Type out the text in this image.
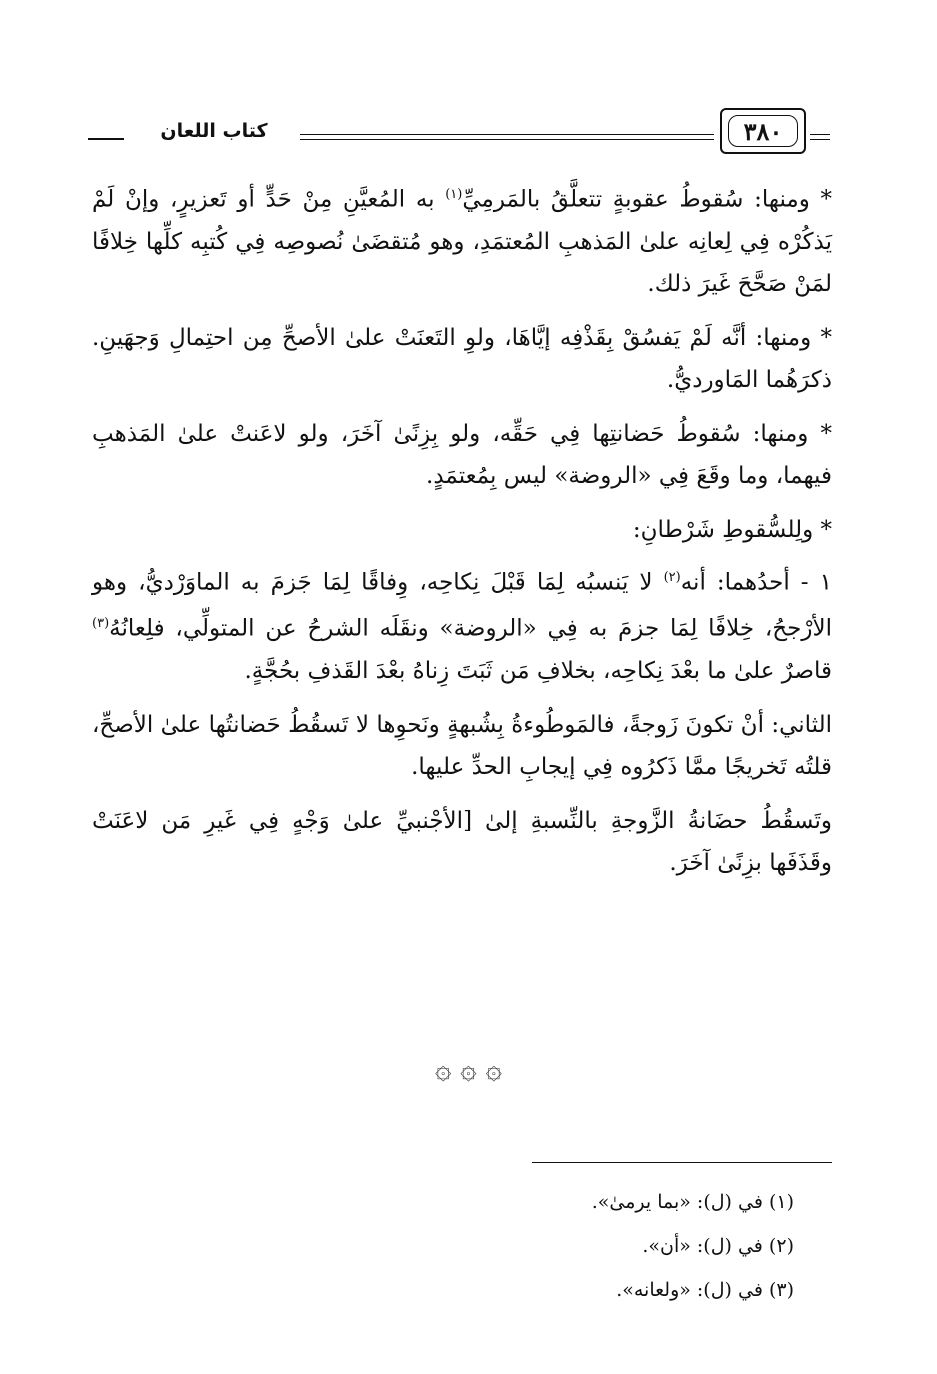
كتاب اللعان	٣٨٠

* ومنها: سُقوطُ عقوبةٍ تتعلَّقُ بالمَرمِيِّ$^{(١)}$ به المُعيَّنِ مِنْ حَدٍّ أو تَعزيرٍ، وإنْ لَمْ يَذكُرْه فِي لِعانِه علىٰ المَذهبِ المُعتمَدِ، وهو مُتقضَىٰ نُصوصِه فِي كُتبِه كلِّها خِلافًا لمَنْ صَحَّحَ غَيرَ ذلك.

* ومنها: أنَّه لَمْ يَفسُقْ بِقَذْفِه إيَّاهَا، ولوِ التَعنَتْ علىٰ الأصحِّ مِن احتِمالِ وَجهَينِ. ذكرَهُما المَاورديُّ.

* ومنها: سُقوطُ حَضانتِها فِي حَقِّه، ولو بِزِنًىٰ آخَرَ، ولو لاعَنتْ علىٰ المَذهبِ فيهما، وما وقَعَ فِي «الروضة» ليس بِمُعتمَدٍ.

* ولِلسُّقوطِ شَرْطانِ:

١ - أحدُهما: أنه$^{(٢)}$ لا يَنسبُه لِمَا قَبْلَ نِكاحِه، وِفاقًا لِمَا جَزمَ به الماوَرْديُّ، وهو الأرْجحُ، خِلافًا لِمَا جزمَ به فِي «الروضة» ونقَلَه الشرحُ عن المتولِّي، فلِعانُهُ$^{(٣)}$ قاصرٌ علىٰ ما بعْدَ نِكاحِه، بخلافِ مَن ثَبَتَ زِناهُ بعْدَ القَذفِ بحُجَّةٍ.

الثاني: أنْ تكونَ زَوجةً، فالمَوطُوءةُ بِشُبهةٍ ونَحوِها لا تَسقُطُ حَضانتُها علىٰ الأصحِّ، قلتُه تَخريجًا ممَّا ذَكرُوه فِي إيجابِ الحدِّ عليها.

وتَسقُطُ حضَانةُ الزَّوجةِ بالنِّسبةِ إلىٰ [الأجْنبيِّ علىٰ وَجْهٍ فِي غَيرِ مَن لاعَنَتْ وقَذَفَها بزِنًىٰ آخَرَ.

۞ ۞ ۞
(١) في (ل): «بما يرمىٰ».
(٢) في (ل): «أن».
(٣) في (ل): «ولعانه».
